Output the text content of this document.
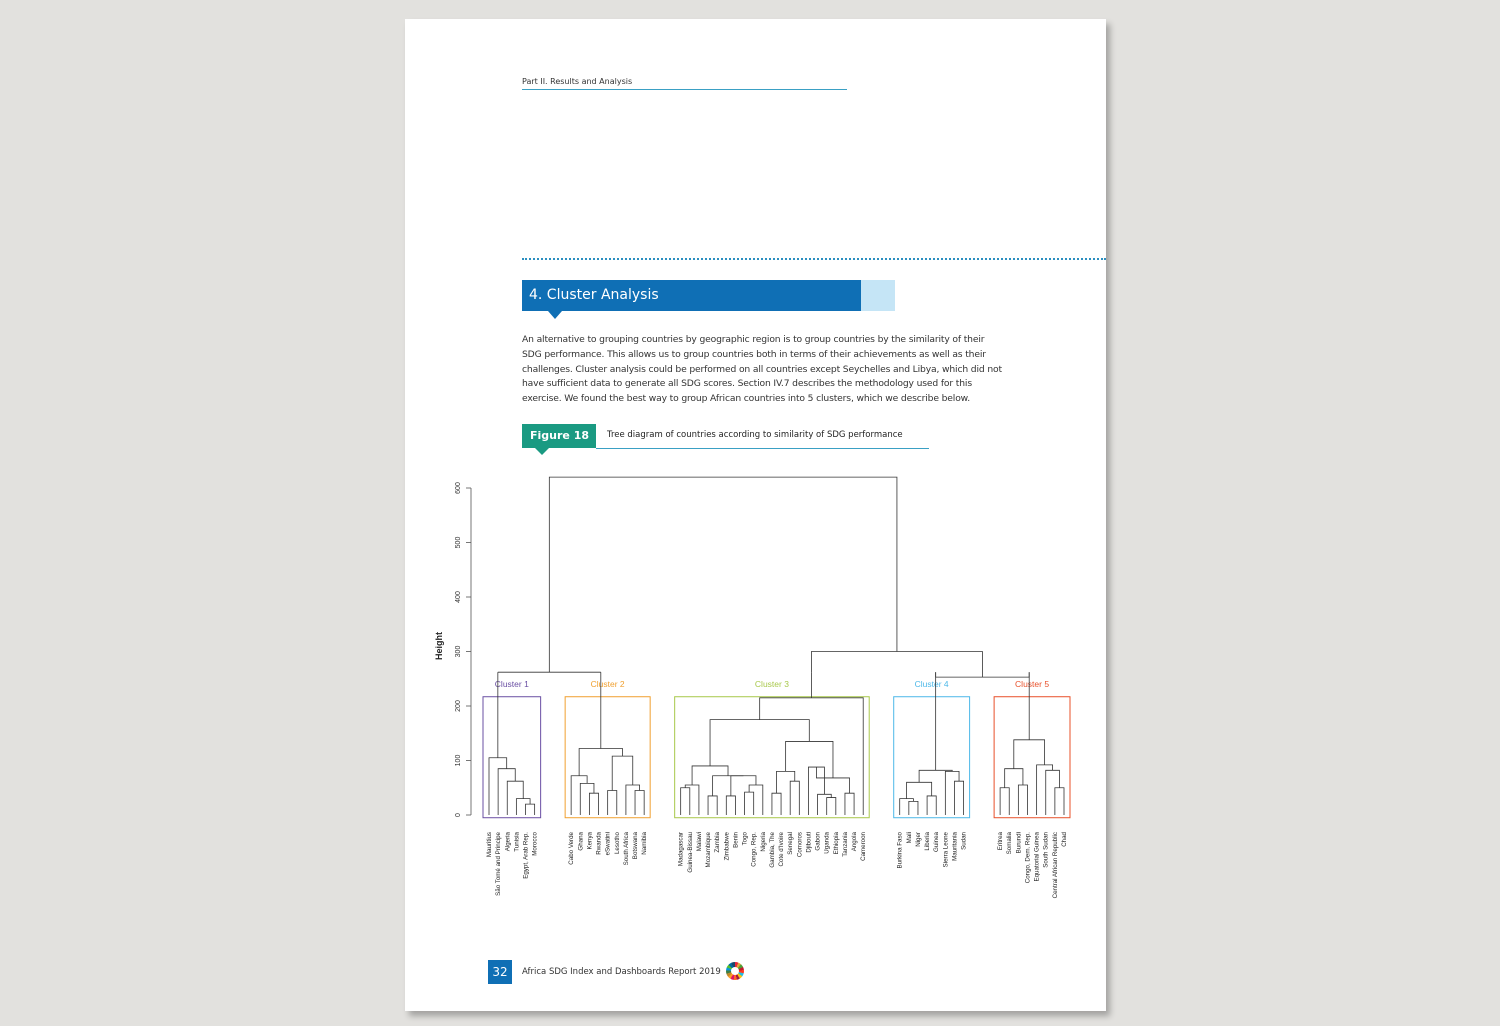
Part II. Results and Analysis
4. Cluster Analysis
An alternative to grouping countries by geographic region is to group countries by the similarity of their SDG performance. This allows us to group countries both in terms of their achievements as well as their challenges. Cluster analysis could be performed on all countries except Seychelles and Libya, which did not have sufficient data to generate all SDG scores. Section IV.7 describes the methodology used for this exercise. We found the best way to group African countries into 5 clusters, which we describe below.
Figure 18 Tree diagram of countries according to similarity of SDG performance
0
100
200
300
400
500
600
Height
Cluster 1
Mauritius São Tomé and Principe Algeria Tunisia Egypt, Arab Rep. Morocco
Cluster 2
Cabo Verde Ghana Kenya Rwanda eSwatini Lesotho South Africa Botswana Namibia
Cluster 3
Madagascar Guinea-Bissau Malawi Mozambique Zambia Zimbabwe Benin Togo Congo, Rep. Nigeria Gambia, The Cote d'Ivoire Senegal Comoros Djibouti Gabon Uganda Ethiopia Tanzania Angola Cameroon
Cluster 4
Burkina Faso Mali Niger Liberia Guinea Sierra Leone Mauritania Sudan
Cluster 5
Eritrea Somalia Burundi Congo, Dem. Rep. Equatorial Guinea South Sudan Central African Republic Chad
32	Africa SDG Index and Dashboards Report 2019
